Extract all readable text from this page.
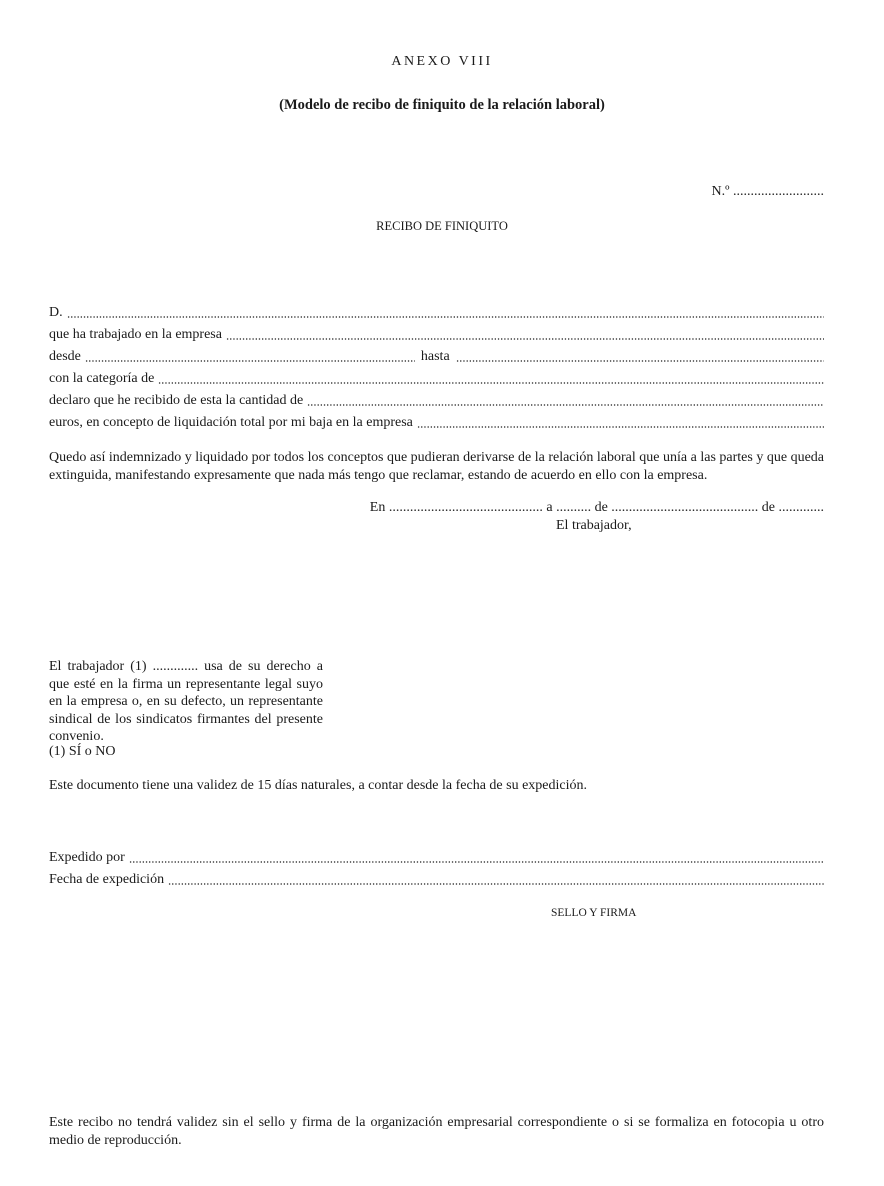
ANEXO VIII
(Modelo de recibo de finiquito de la relación laboral)
N.º ..........................
RECIBO DE FINIQUITO
D.
que ha trabajado en la empresa
desde	hasta
con la categoría de
declaro que he recibido de esta la cantidad de
euros, en concepto de liquidación total por mi baja en la empresa
Quedo así indemnizado y liquidado por todos los conceptos que pudieran derivarse de la relación laboral que unía a las partes y que queda extinguida, manifestando expresamente que nada más tengo que reclamar, estando de acuerdo en ello con la empresa.
En ............................................ a .......... de .......................................... de .............
El trabajador,
El trabajador (1) ............. usa de su derecho a que esté en la firma un representante legal suyo en la empresa o, en su defecto, un representante sindical de los sindicatos firmantes del presente convenio.
(1) SÍ o NO
Este documento tiene una validez de 15 días naturales, a contar desde la fecha de su expedición.
Expedido por
Fecha de expedición
SELLO Y FIRMA
Este recibo no tendrá validez sin el sello y firma de la organización empresarial correspondiente o si se formaliza en fotocopia u otro medio de reproducción.
